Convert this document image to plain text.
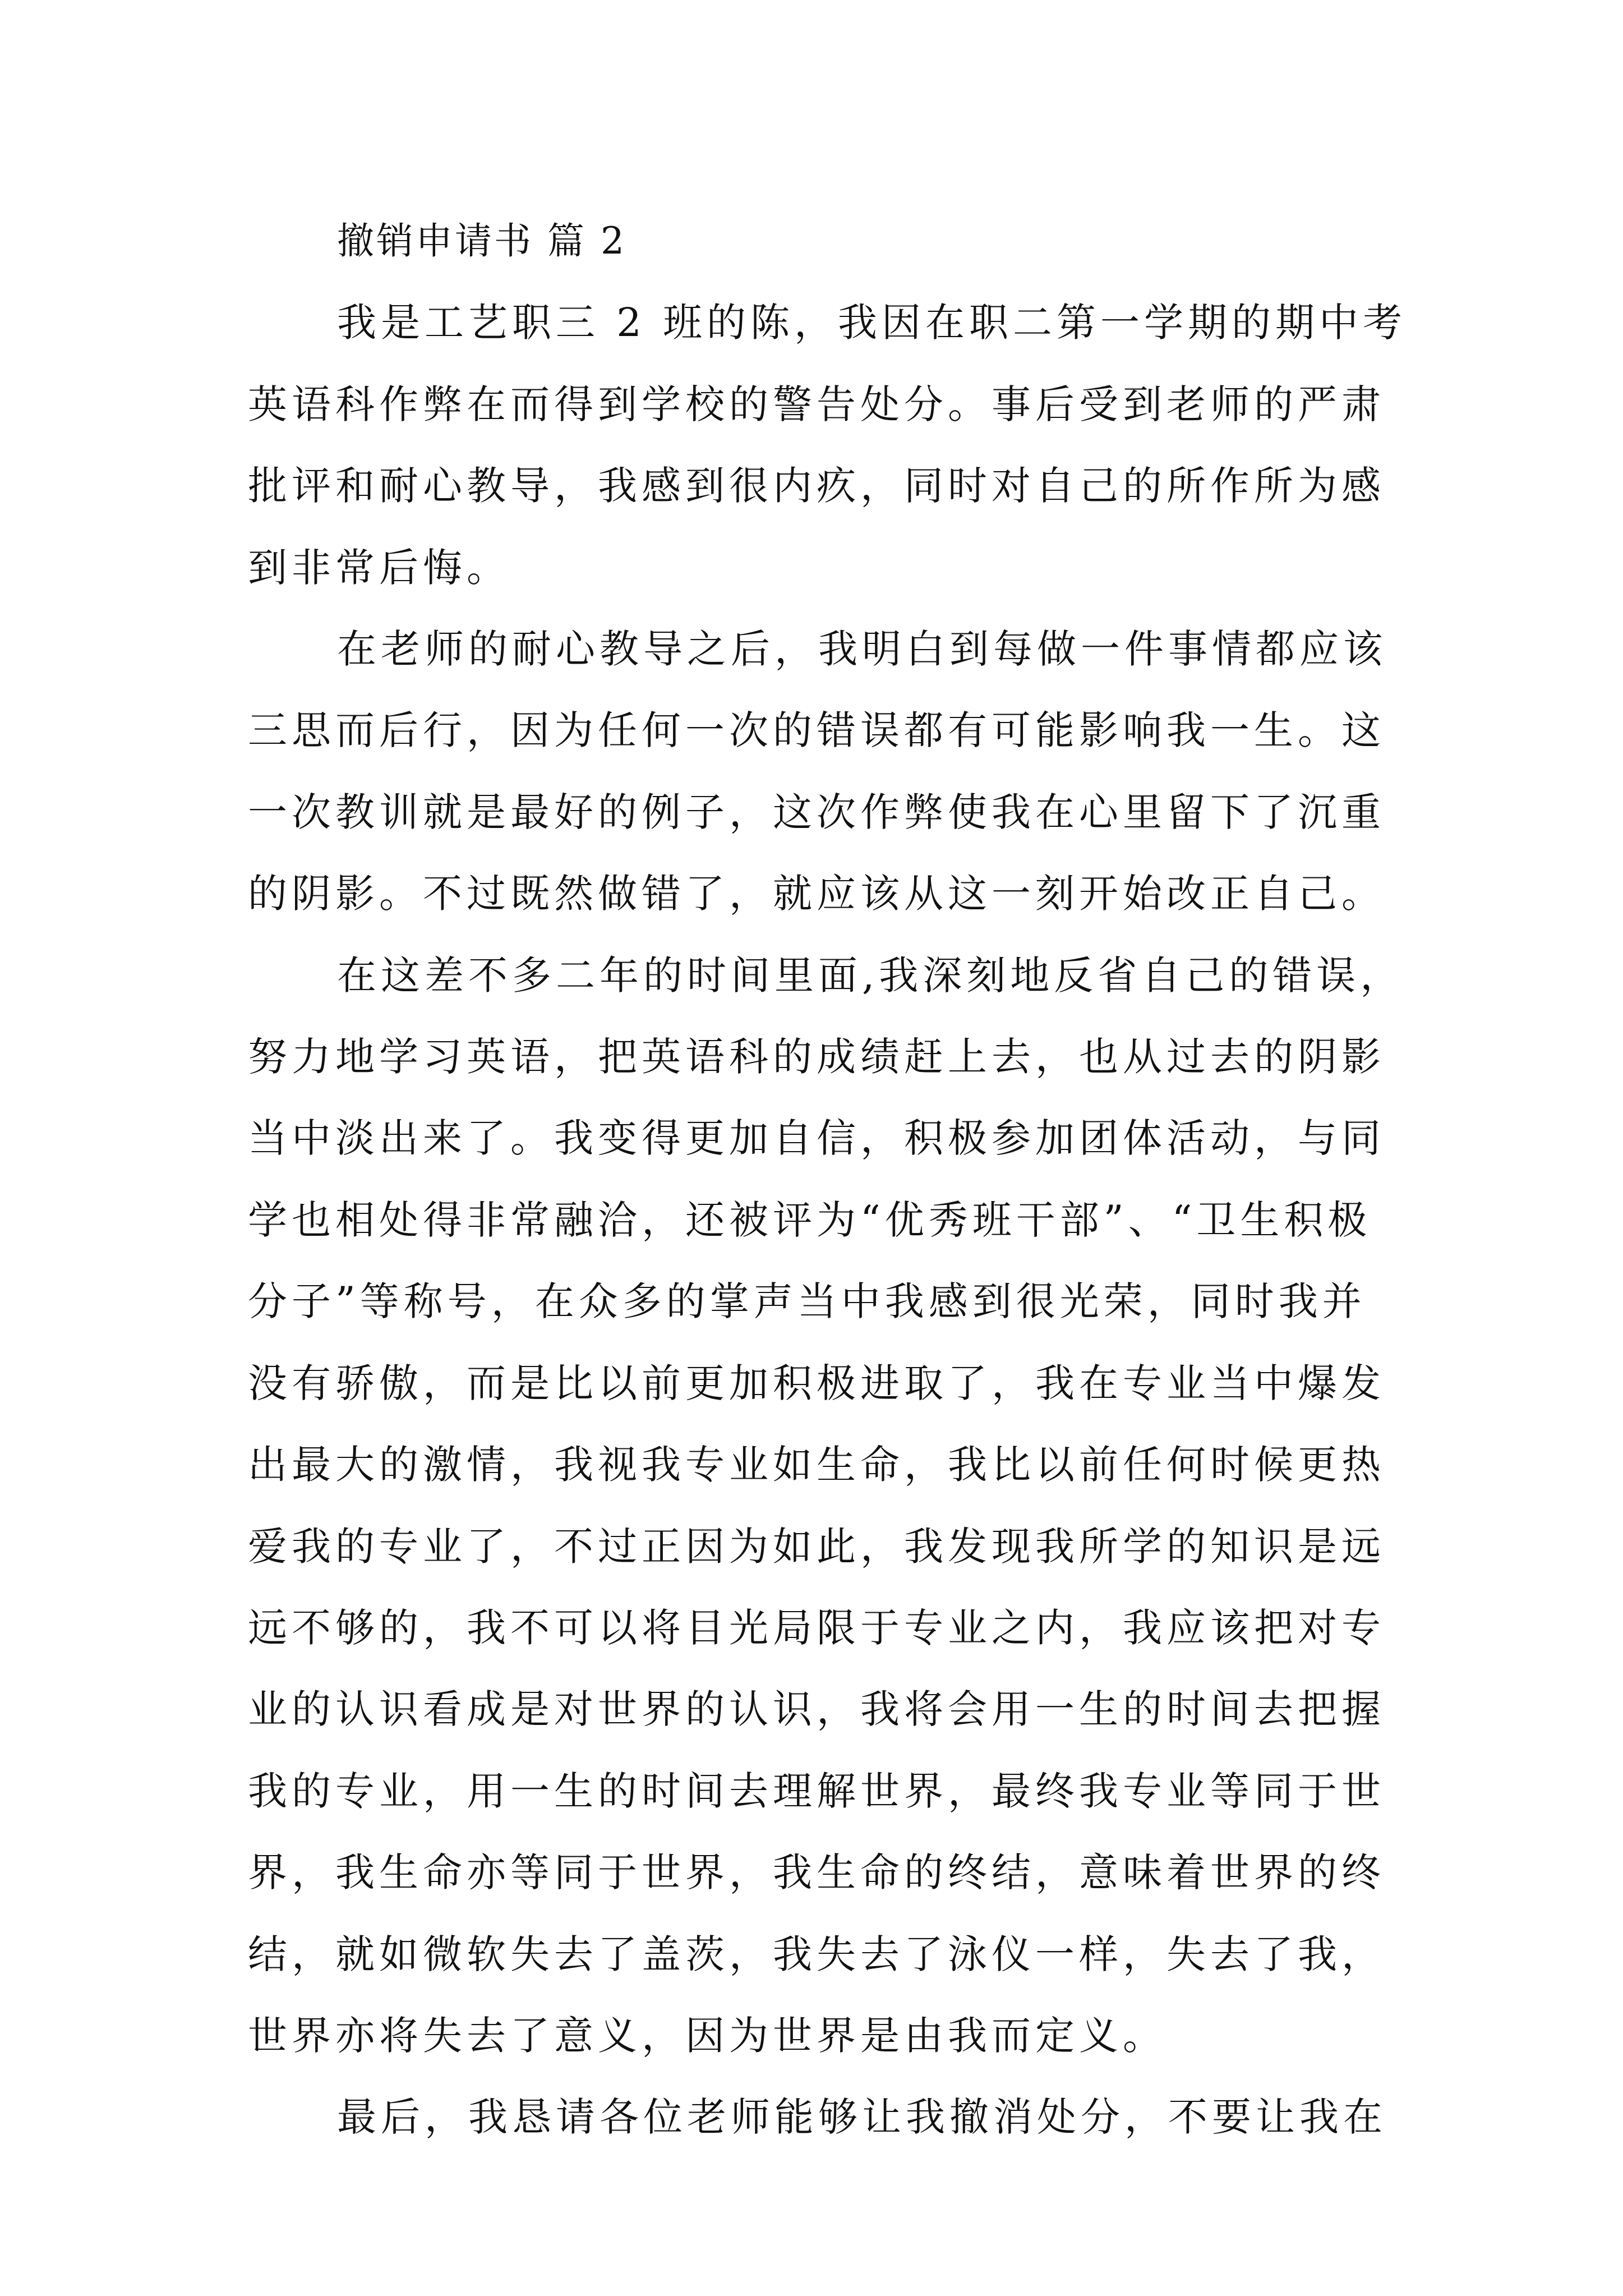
撤销申请书 篇 2
我是工艺职三 2 班的陈，我因在职二第一学期的期中考
英语科作弊在而得到学校的警告处分。事后受到老师的严肃
批评和耐心教导，我感到很内疚，同时对自己的所作所为感
到非常后悔。
在老师的耐心教导之后，我明白到每做一件事情都应该
三思而后行，因为任何一次的错误都有可能影响我一生。这
一次教训就是最好的例子，这次作弊使我在心里留下了沉重
的阴影。不过既然做错了，就应该从这一刻开始改正自己。
在这差不多二年的时间里面,我深刻地反省自己的错误，
努力地学习英语，把英语科的成绩赶上去，也从过去的阴影
当中淡出来了。我变得更加自信，积极参加团体活动，与同
学也相处得非常融洽，还被评为“优秀班干部”、“卫生积极
分子”等称号，在众多的掌声当中我感到很光荣，同时我并
没有骄傲，而是比以前更加积极进取了，我在专业当中爆发
出最大的激情，我视我专业如生命，我比以前任何时候更热
爱我的专业了，不过正因为如此，我发现我所学的知识是远
远不够的，我不可以将目光局限于专业之内，我应该把对专
业的认识看成是对世界的认识，我将会用一生的时间去把握
我的专业，用一生的时间去理解世界，最终我专业等同于世
界，我生命亦等同于世界，我生命的终结，意味着世界的终
结，就如微软失去了盖茨，我失去了泳仪一样，失去了我，
世界亦将失去了意义，因为世界是由我而定义。
最后，我恳请各位老师能够让我撤消处分，不要让我在
